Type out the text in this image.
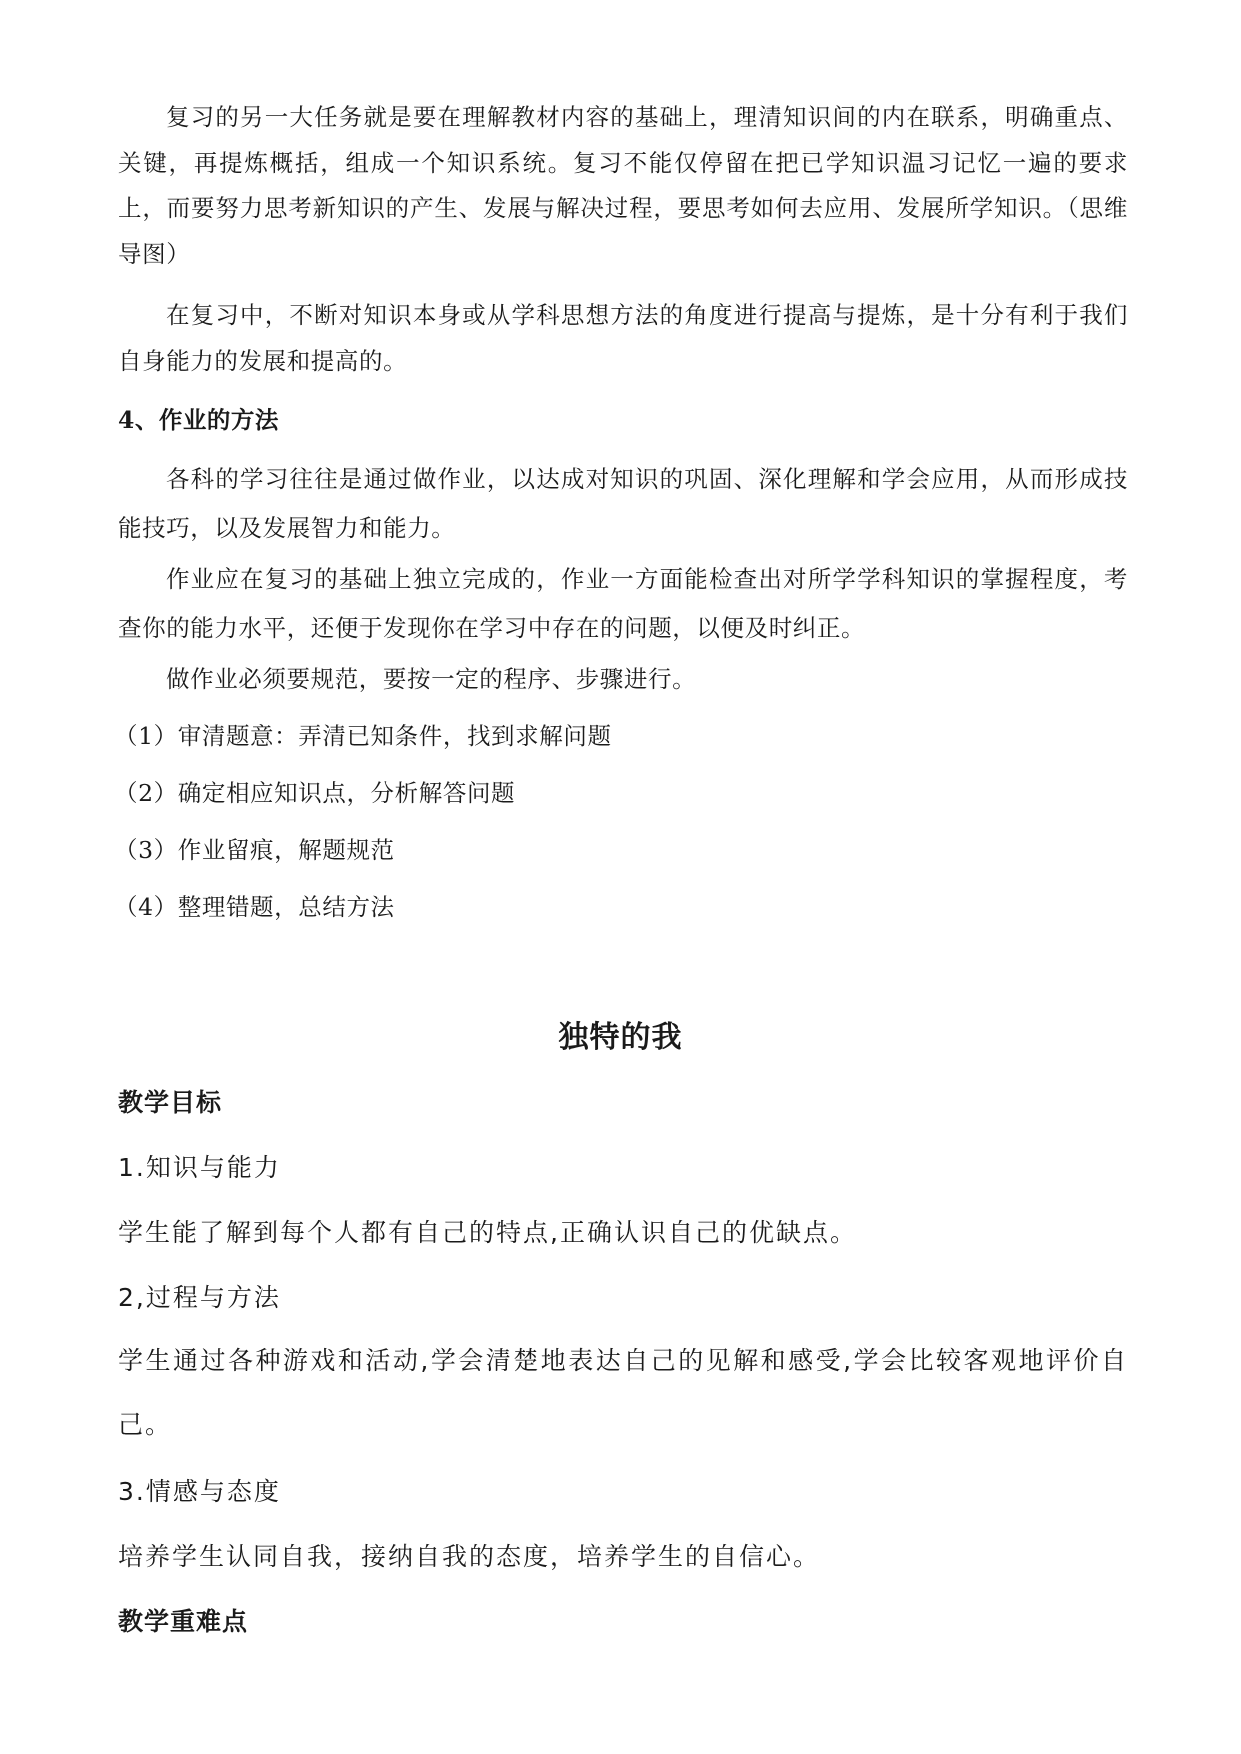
复习的另一大任务就是要在理解教材内容的基础上，理清知识间的内在联系，明确重点、关键，再提炼概括，组成一个知识系统。复习不能仅停留在把已学知识温习记忆一遍的要求上，而要努力思考新知识的产生、发展与解决过程，要思考如何去应用、发展所学知识。（思维导图）

在复习中，不断对知识本身或从学科思想方法的角度进行提高与提炼，是十分有利于我们自身能力的发展和提高的。

4、作业的方法

各科的学习往往是通过做作业，以达成对知识的巩固、深化理解和学会应用，从而形成技能技巧，以及发展智力和能力。

作业应在复习的基础上独立完成的，作业一方面能检查出对所学学科知识的掌握程度，考查你的能力水平，还便于发现你在学习中存在的问题，以便及时纠正。

做作业必须要规范，要按一定的程序、步骤进行。

（1）审清题意：弄清已知条件，找到求解问题

（2）确定相应知识点，分析解答问题

（3）作业留痕，解题规范

（4）整理错题，总结方法

独特的我

教学目标

1.知识与能力

学生能了解到每个人都有自己的特点,正确认识自己的优缺点。

2,过程与方法

学生通过各种游戏和活动,学会清楚地表达自己的见解和感受,学会比较客观地评价自己。

3.情感与态度

培养学生认同自我，接纳自我的态度，培养学生的自信心。

教学重难点
